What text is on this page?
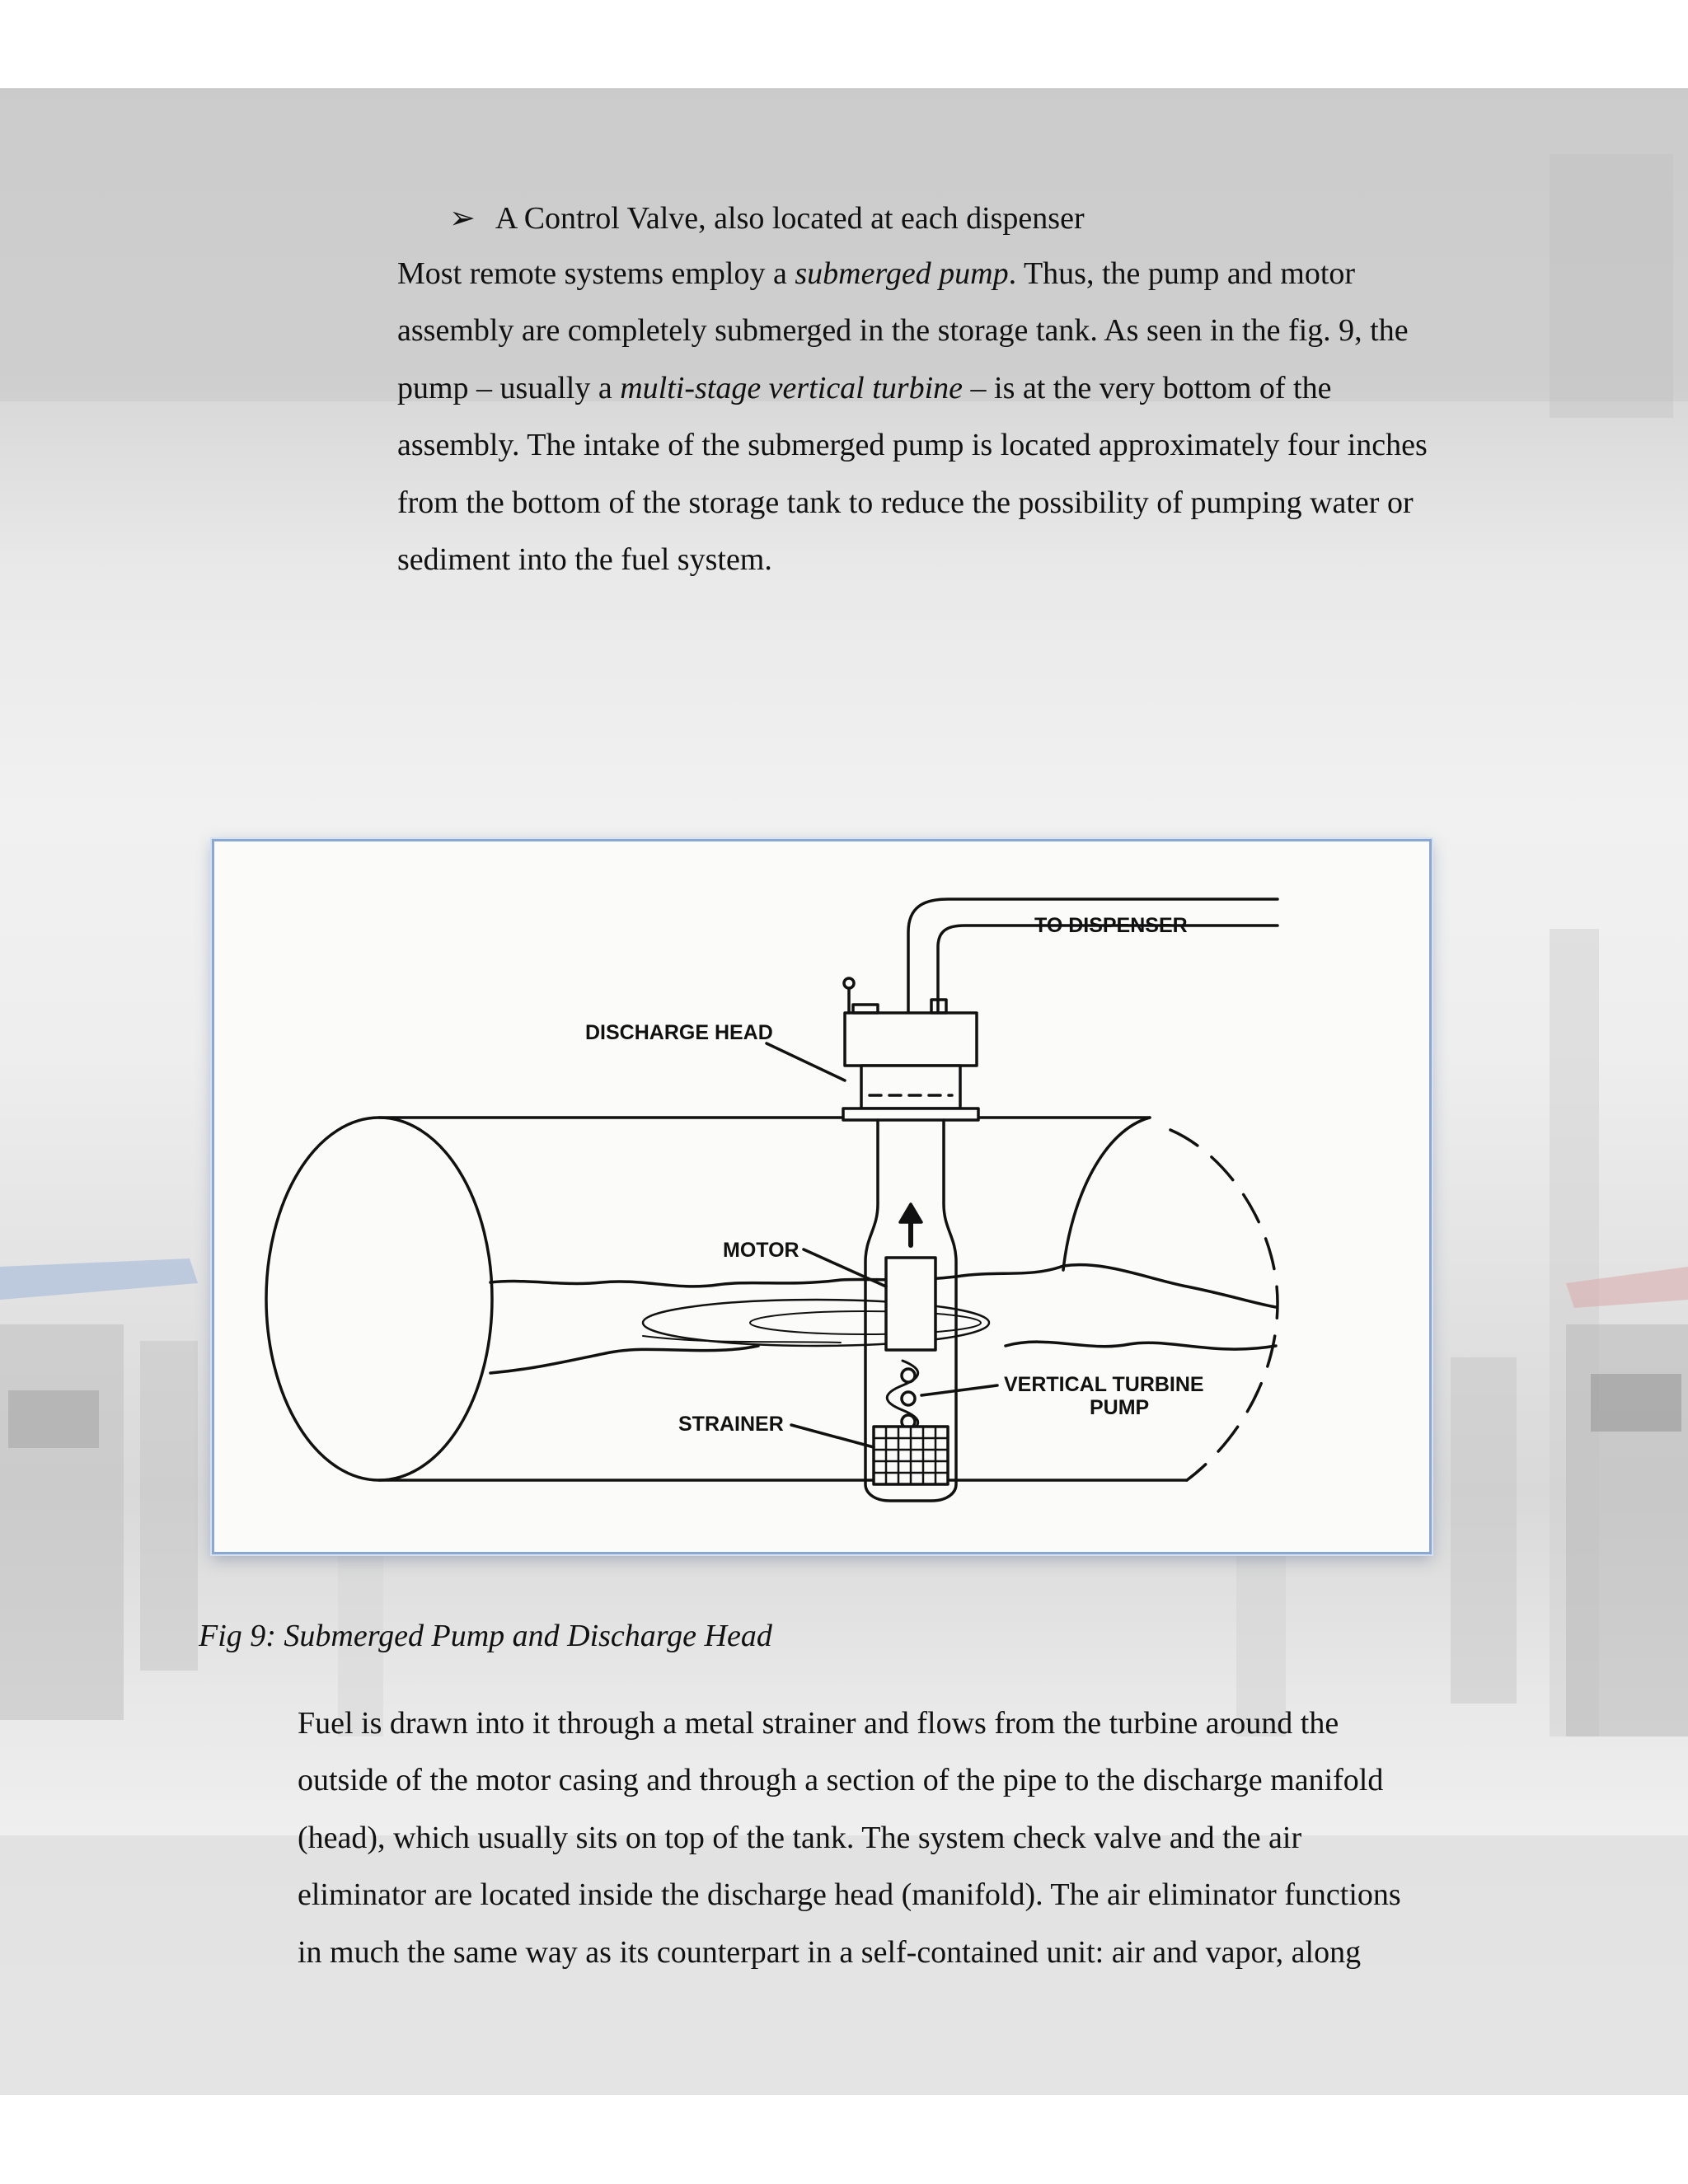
➢ A Control Valve, also located at each dispenser
Most remote systems employ a submerged pump. Thus, the pump and motor
assembly are completely submerged in the storage tank. As seen in the fig. 9, the
pump – usually a multi-stage vertical turbine – is at the very bottom of the
assembly. The intake of the submerged pump is located approximately four inches
from the bottom of the storage tank to reduce the possibility of pumping water or
sediment into the fuel system.
TO DISPENSER
DISCHARGE HEAD
MOTOR
VERTICAL TURBINE
PUMP
STRAINER
Fig 9: Submerged Pump and Discharge Head
Fuel is drawn into it through a metal strainer and flows from the turbine around the
outside of the motor casing and through a section of the pipe to the discharge manifold
(head), which usually sits on top of the tank. The system check valve and the air
eliminator are located inside the discharge head (manifold). The air eliminator functions
in much the same way as its counterpart in a self-contained unit: air and vapor, along
